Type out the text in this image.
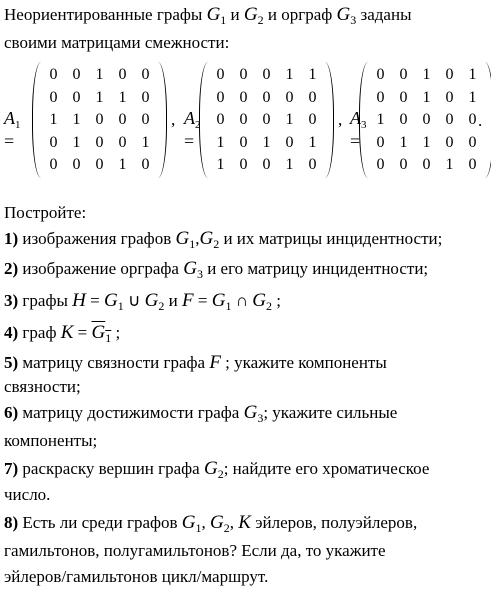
Неориентированные графы $G_1$ и $G_2$ и орграф $G_3$ заданы
своими матрицами смежности:
$A_1$ =
0 0 1 0 0
0 0 1 1 0
1 1 0 0 0
0 1 0 0 1
0 0 0 1 0
, $A_2$ =
0 0 0 1 1
0 0 0 0 0
0 0 0 1 0
1 0 1 0 1
1 0 0 1 0
, $A_3$ =
0 0 1 0 1
0 0 1 0 1
1 0 0 0 0
0 1 1 0 0
0 0 0 1 0
.
Постройте:
1) изображения графов $G_1,G_2$ и их матрицы инцидентности;
2) изображение орграфа $G_3$ и его матрицу инцидентности;
3) графы $H = G_1$ ∪ $G_2$ и $F = G_1$ ∩ $G_2$ ;
4) граф $K = G_1$ ;
5) матрицу связности графа F ; укажите компоненты
связности;
6) матрицу достижимости графа $G_3$; укажите сильные
компоненты;
7) раскраску вершин графа $G_2$; найдите его хроматическое
число.
8) Есть ли среди графов $G_1$, $G_2$, K эйлеров, полуэйлеров,
гамильтонов, полугамильтонов? Если да, то укажите
эйлеров/гамильтонов цикл/маршрут.
